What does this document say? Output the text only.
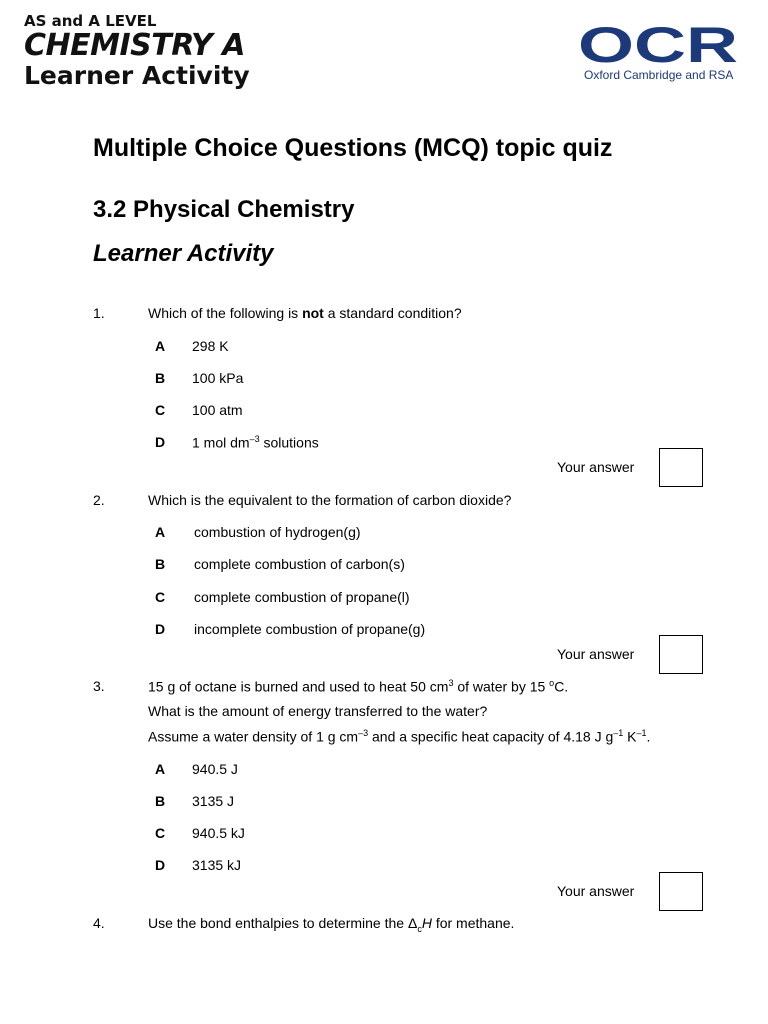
AS and A LEVEL
CHEMISTRY A
Learner Activity
OCR
Oxford Cambridge and RSA
Multiple Choice Questions (MCQ) topic quiz
3.2 Physical Chemistry
Learner Activity
1.	Which of the following is not a standard condition?
A 298 K
B 100 kPa
C 100 atm
D 1 mol $dm^{-3}$ solutions
Your answer
2.	Which is the equivalent to the formation of carbon dioxide?
A combustion of hydrogen(g)
B complete combustion of carbon(s)
C complete combustion of propane(l)
D incomplete combustion of propane(g)
Your answer
3.	15 g of octane is burned and used to heat 50 $cm^3$ of water by 15 $^o$C.
What is the amount of energy transferred to the water?
Assume a water density of 1 g $cm^{-3}$ and a specific heat capacity of 4.18 J $g^{-1}$ $K^{-1}$.
A 940.5 J
B 3135 J
C 940.5 kJ
D 3135 kJ
Your answer
4.	Use the bond enthalpies to determine the $\Delta_cH$ for methane.
